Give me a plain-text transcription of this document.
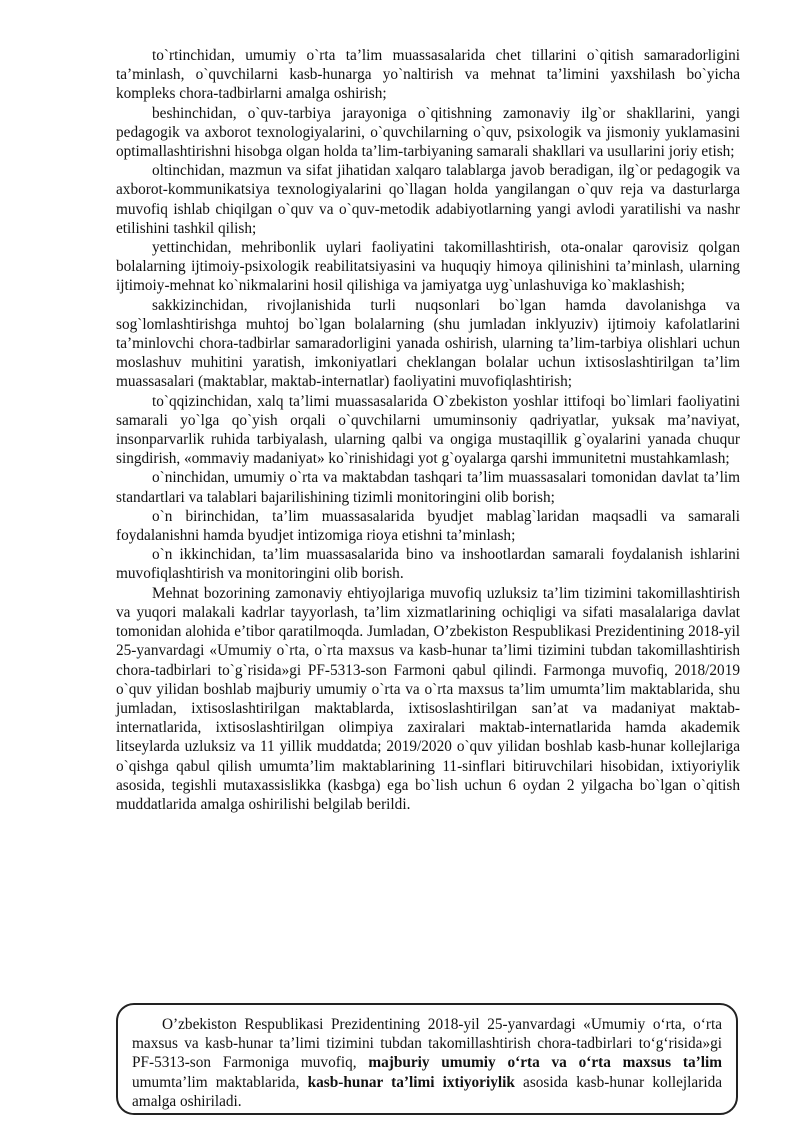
to`rtinchidan, umumiy o`rta ta’lim muassasalarida chet tillarini o`qitish samaradorligini ta’minlash, o`quvchilarni kasb-hunarga yo`naltirish va mehnat ta’limini yaxshilash bo`yicha kompleks chora-tadbirlarni amalga oshirish;

beshinchidan, o`quv-tarbiya jarayoniga o`qitishning zamonaviy ilg`or shakllarini, yangi pedagogik va axborot texnologiyalarini, o`quvchilarning o`quv, psixologik va jismoniy yuklamasini optimallashtirishni hisobga olgan holda ta’lim-tarbiyaning samarali shakllari va usullarini joriy etish;

oltinchidan, mazmun va sifat jihatidan xalqaro talablarga javob beradigan, ilg`or pedagogik va axborot-kommunikatsiya texnologiyalarini qo`llagan holda yangilangan o`quv reja va dasturlarga muvofiq ishlab chiqilgan o`quv va o`quv-metodik adabiyotlarning yangi avlodi yaratilishi va nashr etilishini tashkil qilish;

yettinchidan, mehribonlik uylari faoliyatini takomillashtirish, ota-onalar qarovisiz qolgan bolalarning ijtimoiy-psixologik reabilitatsiyasini va huquqiy himoya qilinishini ta’minlash, ularning ijtimoiy-mehnat ko`nikmalarini hosil qilishiga va jamiyatga uyg`unlashuviga ko`maklashish;

sakkizinchidan, rivojlanishida turli nuqsonlari bo`lgan hamda davolanishga va sog`lomlashtirishga muhtoj bo`lgan bolalarning (shu jumladan inklyuziv) ijtimoiy kafolatlarini ta’minlovchi chora-tadbirlar samaradorligini yanada oshirish, ularning ta’lim-tarbiya olishlari uchun moslashuv muhitini yaratish, imkoniyatlari cheklangan bolalar uchun ixtisoslashtirilgan ta’lim muassasalari (maktablar, maktab-internatlar) faoliyatini muvofiqlashtirish;

to`qqizinchidan, xalq ta’limi muassasalarida O`zbekiston yoshlar ittifoqi bo`limlari faoliyatini samarali yo`lga qo`yish orqali o`quvchilarni umuminsoniy qadriyatlar, yuksak ma’naviyat, insonparvarlik ruhida tarbiyalash, ularning qalbi va ongiga mustaqillik g`oyalarini yanada chuqur singdirish, «ommaviy madaniyat» ko`rinishidagi yot g`oyalarga qarshi immunitetni mustahkamlash;

o`ninchidan, umumiy o`rta va maktabdan tashqari ta’lim muassasalari tomonidan davlat ta’lim standartlari va talablari bajarilishining tizimli monitoringini olib borish;

o`n birinchidan, ta’lim muassasalarida byudjet mablag`laridan maqsadli va samarali foydalanishni hamda byudjet intizomiga rioya etishni ta’minlash;

o`n ikkinchidan, ta’lim muassasalarida bino va inshootlardan samarali foydalanish ishlarini muvofiqlashtirish va monitoringini olib borish.

Mehnat bozorining zamonaviy ehtiyojlariga muvofiq uzluksiz ta’lim tizimini takomillashtirish va yuqori malakali kadrlar tayyorlash, ta’lim xizmatlarining ochiqligi va sifati masalalariga davlat tomonidan alohida e’tibor qaratilmoqda. Jumladan, O’zbekiston Respublikasi Prezidentining 2018-yil 25-yanvardagi «Umumiy o`rta, o`rta maxsus va kasb-hunar ta’limi tizimini tubdan takomillashtirish chora-tadbirlari to`g`risida»gi PF-5313-son Farmoni qabul qilindi. Farmonga muvofiq, 2018/2019 o`quv yilidan boshlab majburiy umumiy o`rta va o`rta maxsus ta’lim umumta’lim maktablarida, shu jumladan, ixtisoslashtirilgan maktablarda, ixtisoslashtirilgan san’at va madaniyat maktab-internatlarida, ixtisoslashtirilgan olimpiya zaxiralari maktab-internatlarida hamda akademik litseylarda uzluksiz va 11 yillik muddatda; 2019/2020 o`quv yilidan boshlab kasb-hunar kollejlariga o`qishga qabul qilish umumta’lim maktablarining 11-sinflari bitiruvchilari hisobidan, ixtiyoriylik asosida, tegishli mutaxassislikka (kasbga) ega bo`lish uchun 6 oydan 2 yilgacha bo`lgan o`qitish muddatlarida amalga oshirilishi belgilab berildi.

O’zbekiston Respublikasi Prezidentining 2018-yil 25-yanvardagi «Umumiy o‘rta, o‘rta maxsus va kasb-hunar ta’limi tizimini tubdan takomillashtirish chora-tadbirlari to‘g‘risida»gi PF-5313-son Farmoniga muvofiq, majburiy umumiy o‘rta va o‘rta maxsus ta’lim umumta’lim maktablarida, kasb-hunar ta’limi ixtiyoriylik asosida kasb-hunar kollejlarida amalga oshiriladi.
